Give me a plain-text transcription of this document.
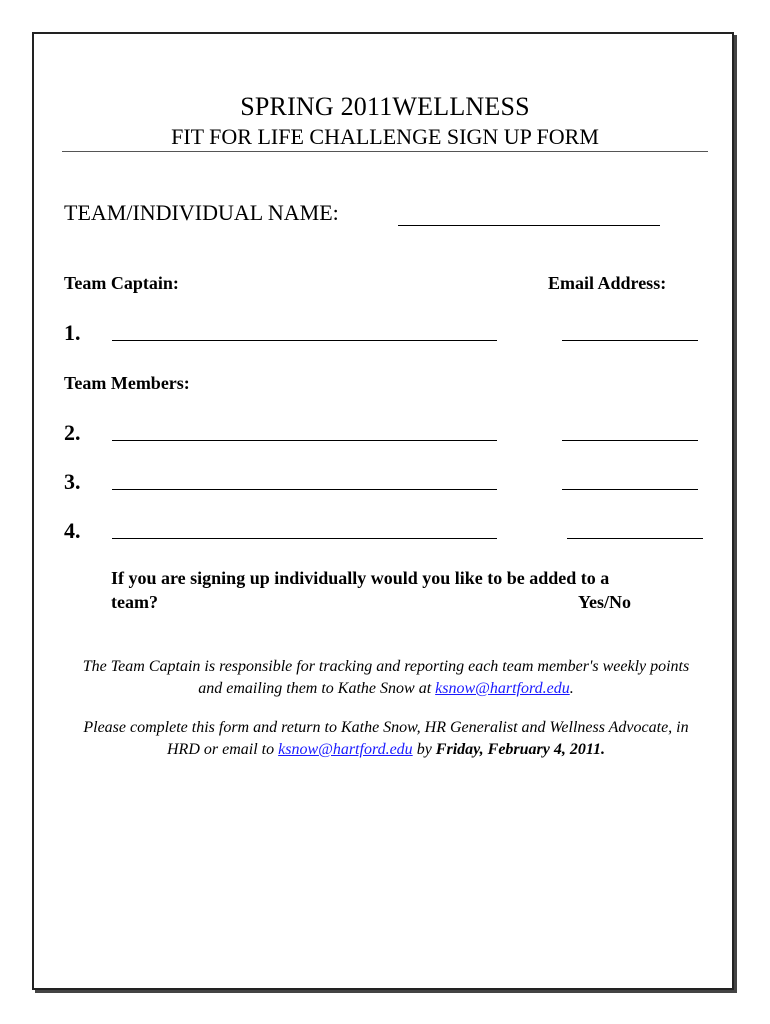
SPRING 2011WELLNESS
FIT FOR LIFE CHALLENGE SIGN UP FORM
TEAM/INDIVIDUAL NAME:
Team Captain:	Email Address:
1.
Team Members:
2.
3.
4.
If you are signing up individually would you like to be added to a
team?	Yes/No
The Team Captain is responsible for tracking and reporting each team member's weekly points
and emailing them to Kathe Snow at ksnow@hartford.edu.
Please complete this form and return to Kathe Snow, HR Generalist and Wellness Advocate, in
HRD or email to ksnow@hartford.edu by Friday, February 4, 2011.
